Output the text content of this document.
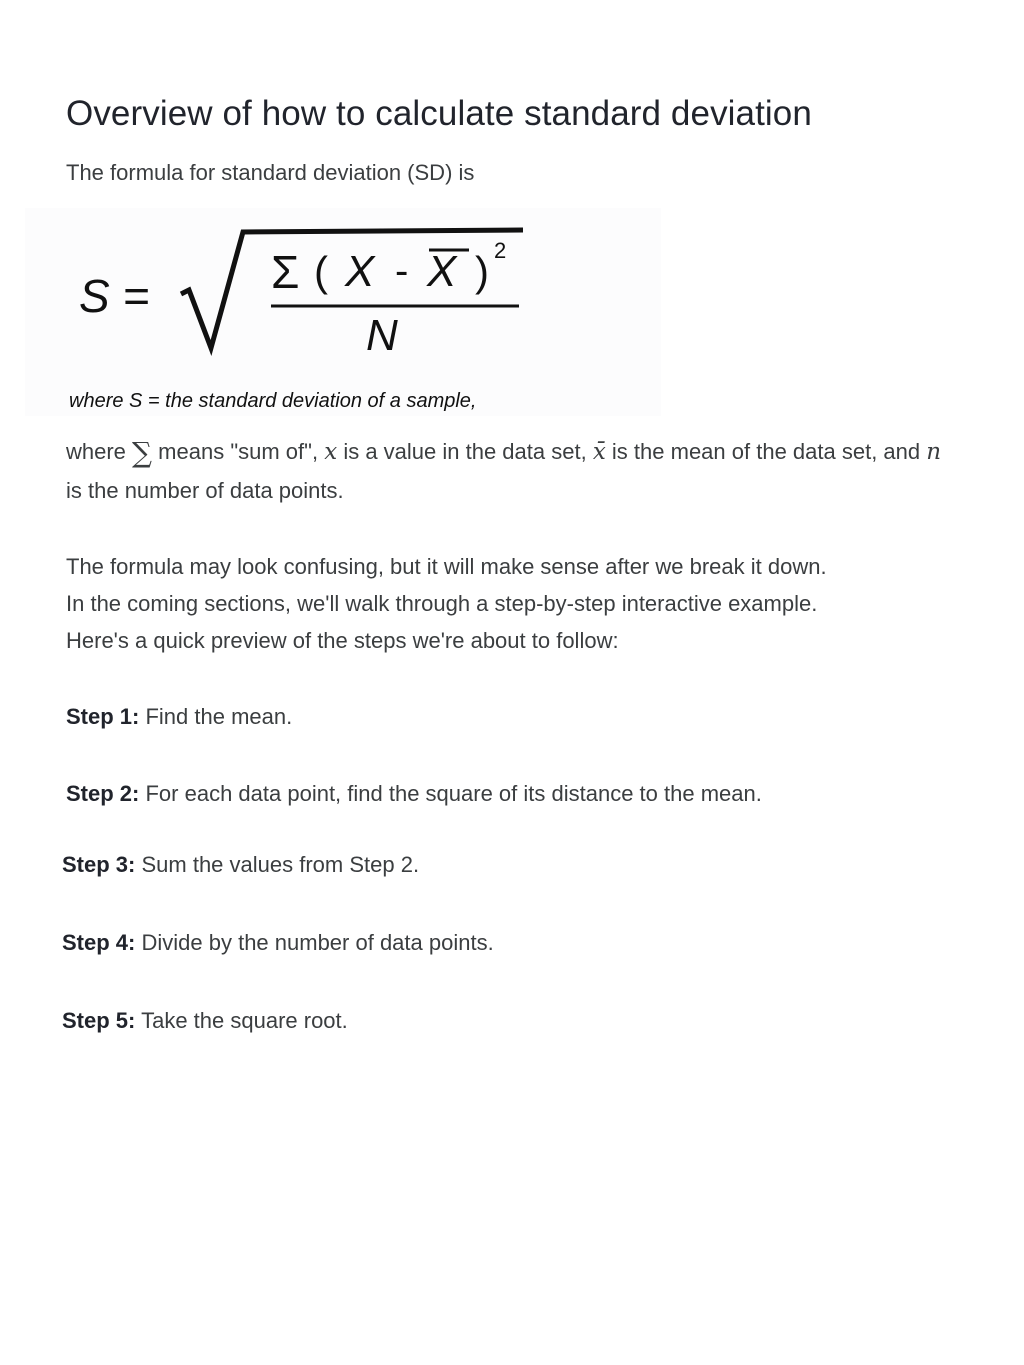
Overview of how to calculate standard deviation

The formula for standard deviation (SD) is

S =	Σ ( X - X ) 2
N
where S = the standard deviation of a sample,

where ∑ means "sum of", x is a value in the data set, x̄ is the mean of the data set, and n is the number of data points.

The formula may look confusing, but it will make sense after we break it down.
In the coming sections, we'll walk through a step-by-step interactive example.
Here's a quick preview of the steps we're about to follow:

Step 1: Find the mean.

Step 2: For each data point, find the square of its distance to the mean.

Step 3: Sum the values from Step 2.

Step 4: Divide by the number of data points.

Step 5: Take the square root.
